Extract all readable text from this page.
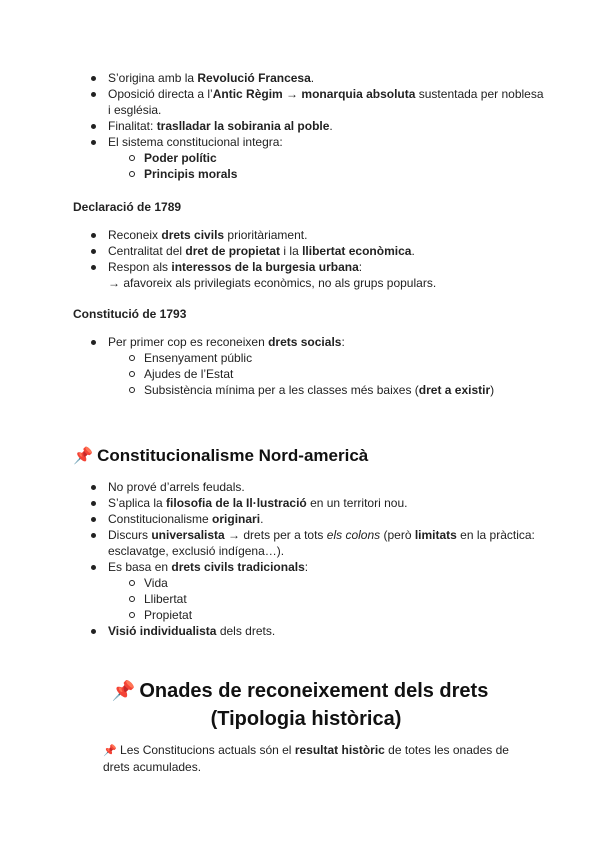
S’origina amb la Revolució Francesa.
Oposició directa a l’Antic Règim → monarquia absoluta sustentada per noblesa i església.
Finalitat: traslladar la sobirania al poble.
El sistema constitucional integra:
Poder polític
Principis morals
Declaració de 1789
Reconeix drets civils prioritàriament.
Centralitat del dret de propietat i la llibertat econòmica.
Respon als interessos de la burgesia urbana:
→ afavoreix als privilegiats econòmics, no als grups populars.
Constitució de 1793
Per primer cop es reconeixen drets socials:
Ensenyament públic
Ajudes de l’Estat
Subsistència mínima per a les classes més baixes (dret a existir)
📌 Constitucionalisme Nord-americà
No prové d’arrels feudals.
S’aplica la filosofia de la Il·lustració en un territori nou.
Constitucionalisme originari.
Discurs universalista → drets per a tots els colons (però limitats en la pràctica: esclavatge, exclusió indígena…).
Es basa en drets civils tradicionals:
Vida
Llibertat
Propietat
Visió individualista dels drets.
📌 Onades de reconeixement dels drets
(Tipologia històrica)
📌 Les Constitucions actuals són el resultat històric de totes les onades de drets acumulades.
